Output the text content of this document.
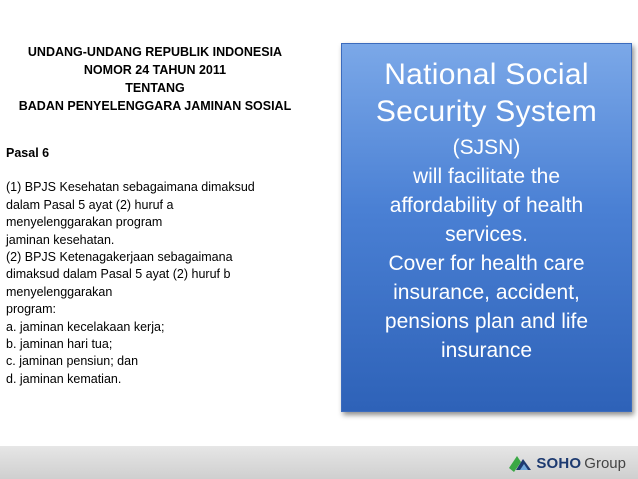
UNDANG-UNDANG REPUBLIK INDONESIA
NOMOR 24 TAHUN 2011
TENTANG
BADAN PENYELENGGARA JAMINAN SOSIAL
Pasal 6
(1) BPJS Kesehatan sebagaimana dimaksud
dalam Pasal 5 ayat (2) huruf a
menyelenggarakan program
jaminan kesehatan.
(2) BPJS Ketenagakerjaan sebagaimana
dimaksud dalam Pasal 5 ayat (2) huruf b
menyelenggarakan
program:
a. jaminan kecelakaan kerja;
b. jaminan hari tua;
c. jaminan pensiun; dan
d. jaminan kematian.
National Social
Security System
(SJSN)
will facilitate the
affordability of health
services.
Cover for health care
insurance, accident,
pensions plan and life
insurance
SOHO Group
